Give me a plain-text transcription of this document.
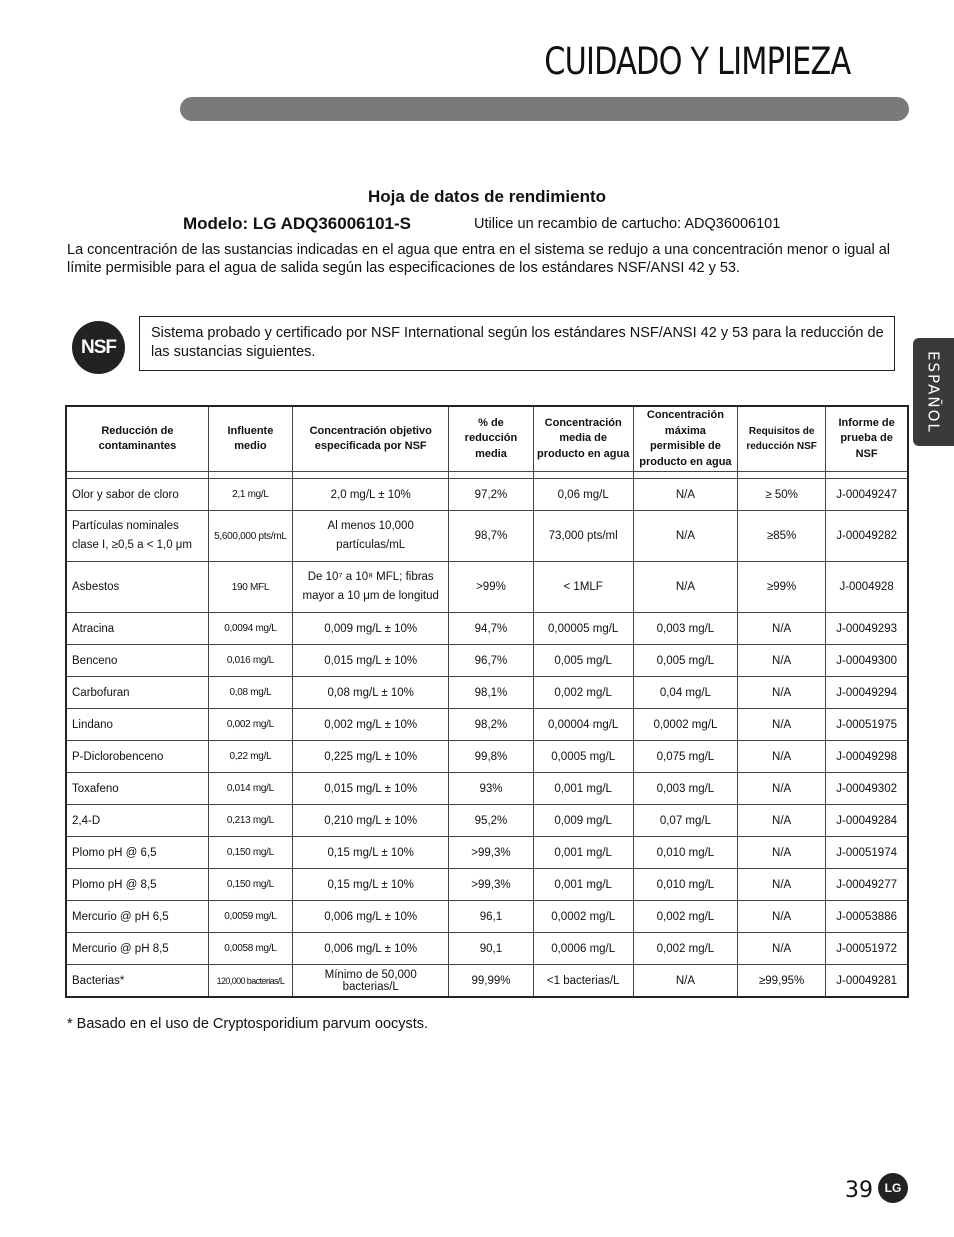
CUIDADO Y LIMPIEZA
ESPAÑOL
Hoja de datos de rendimiento
Modelo: LG ADQ36006101-S	Utilice un recambio de cartucho: ADQ36006101
La concentración de las sustancias indicadas en el agua que entra en el sistema se redujo a una concentración menor o igual al límite permisible para el agua de salida según las especificaciones de los estándares NSF/ANSI 42 y 53.
NSF
Sistema probado y certificado por NSF International según los estándares NSF/ANSI 42 y 53 para la reducción de las sustancias siguientes.
Reducción de contaminantes	Influente medio	Concentración objetivo especificada por NSF	% de reducción media	Concentración media de producto en agua	Concentración máxima permisible de producto en agua	Requisitos de reducción NSF	Informe de prueba de NSF

Olor y sabor de cloro	2,1 mg/L	2,0 mg/L ± 10%	97,2%	0,06 mg/L	N/A	≥ 50%	J-00049247
Partículas nominales clase I, ≥0,5 a < 1,0 μm	5,600,000 pts/mL	Al menos 10,000 partículas/mL	98,7%	73,000 pts/ml	N/A	≥85%	J-00049282
Asbestos	190 MFL	De 10⁷ a 10⁸ MFL; fibras mayor a 10 μm de longitud	>99%	< 1MLF	N/A	≥99%	J-0004928
Atracina	0,0094 mg/L	0,009 mg/L ± 10%	94,7%	0,00005 mg/L	0,003 mg/L	N/A	J-00049293
Benceno	0,016 mg/L	0,015 mg/L ± 10%	96,7%	0,005 mg/L	0,005 mg/L	N/A	J-00049300
Carbofuran	0,08 mg/L	0,08 mg/L ± 10%	98,1%	0,002 mg/L	0,04 mg/L	N/A	J-00049294
Lindano	0,002 mg/L	0,002 mg/L ± 10%	98,2%	0,00004 mg/L	0,0002 mg/L	N/A	J-00051975
P-Diclorobenceno	0,22 mg/L	0,225 mg/L ± 10%	99,8%	0,0005 mg/L	0,075 mg/L	N/A	J-00049298
Toxafeno	0,014 mg/L	0,015 mg/L ± 10%	93%	0,001 mg/L	0,003 mg/L	N/A	J-00049302
2,4-D	0,213 mg/L	0,210 mg/L ± 10%	95,2%	0,009 mg/L	0,07 mg/L	N/A	J-00049284
Plomo pH @ 6,5	0,150 mg/L	0,15 mg/L ± 10%	>99,3%	0,001 mg/L	0,010 mg/L	N/A	J-00051974
Plomo pH @ 8,5	0,150 mg/L	0,15 mg/L ± 10%	>99,3%	0,001 mg/L	0,010 mg/L	N/A	J-00049277
Mercurio @ pH 6,5	0,0059 mg/L	0,006 mg/L ± 10%	96,1	0,0002 mg/L	0,002 mg/L	N/A	J-00053886
Mercurio @ pH 8,5	0,0058 mg/L	0,006 mg/L ± 10%	90,1	0,0006 mg/L	0,002 mg/L	N/A	J-00051972
Bacterias*	120,000 bacterias/L	Mínimo de 50,000 bacterias/L	99,99%	<1 bacterias/L	N/A	≥99,95%	J-00049281
* Basado en el uso de Cryptosporidium parvum oocysts.
39 LG
